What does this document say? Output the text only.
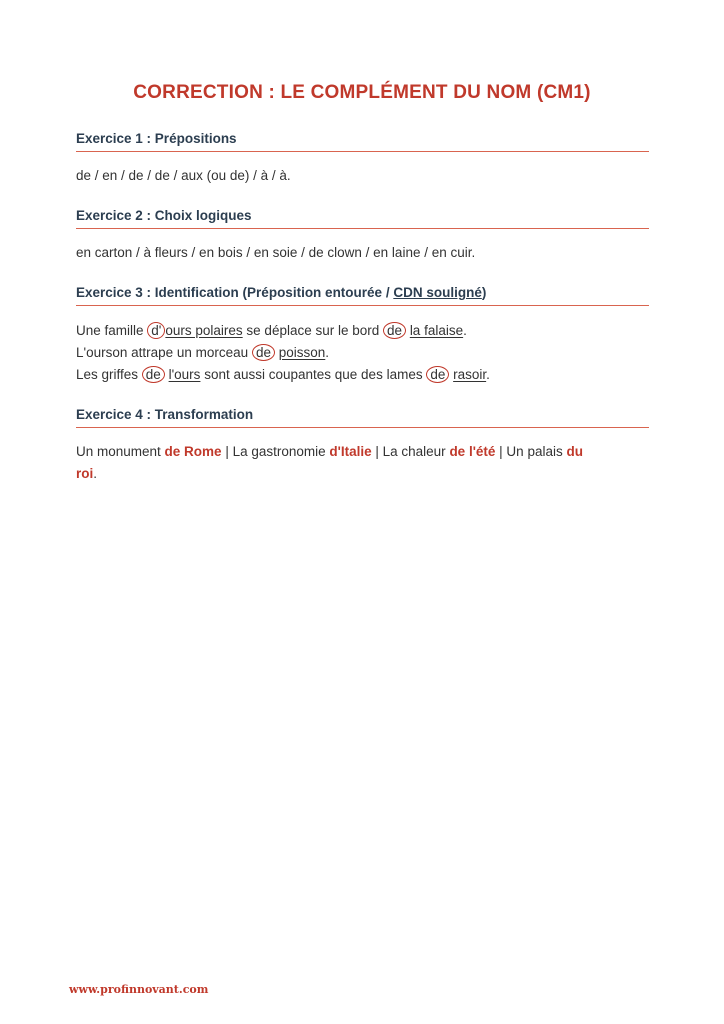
CORRECTION : LE COMPLÉMENT DU NOM (CM1)
Exercice 1 : Prépositions
de / en / de / de / aux (ou de) / à / à.
Exercice 2 : Choix logiques
en carton / à fleurs / en bois / en soie / de clown / en laine / en cuir.
Exercice 3 : Identification (Préposition entourée / CDN souligné)
Une famille d' ours polaires se déplace sur le bord de la falaise.
L'ourson attrape un morceau de poisson.
Les griffes de l'ours sont aussi coupantes que des lames de rasoir.
Exercice 4 : Transformation
Un monument de Rome | La gastronomie d'Italie | La chaleur de l'été | Un palais du
roi.
www.profinnovant.com
